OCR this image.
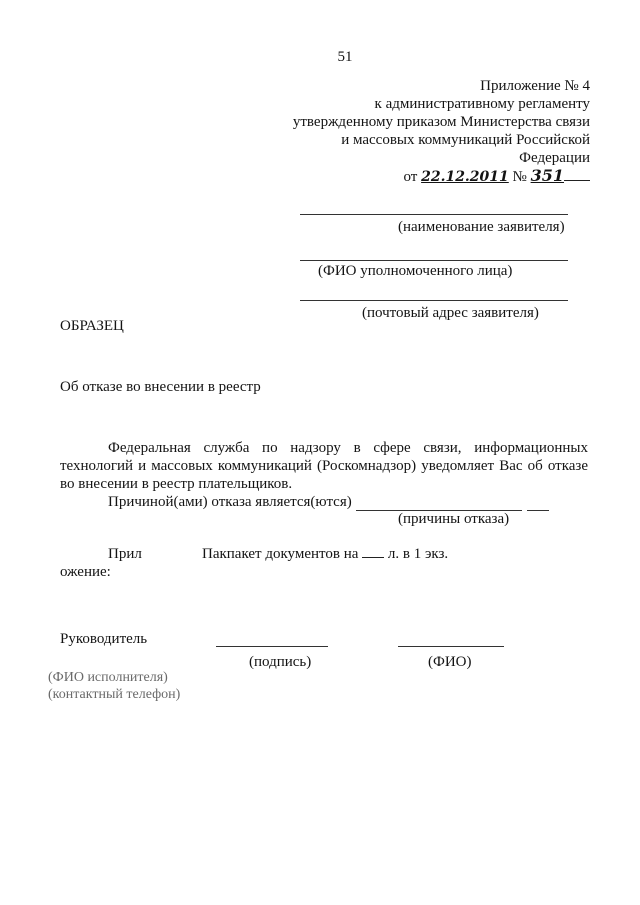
51
Приложение № 4
к административному регламенту
утвержденному приказом Министерства связи
и массовых коммуникаций Российской
Федерации
от 22.12.2011 № 351
(наименование заявителя)
(ФИО уполномоченного лица)
(почтовый адрес заявителя)
ОБРАЗЕЦ
Об отказе во внесении в реестр
Федеральная служба по надзору в сфере связи, информационных
технологий и массовых коммуникаций (Роскомнадзор) уведомляет Вас об отказе
во внесении в реестр плательщиков.
Причиной(ами) отказа является(ются)
(причины отказа)
Прил
ожение:
Пакпакет документов на л. в 1 экз.
Руководитель
(подпись)	(ФИО)
(ФИО исполнителя)
(контактный телефон)
